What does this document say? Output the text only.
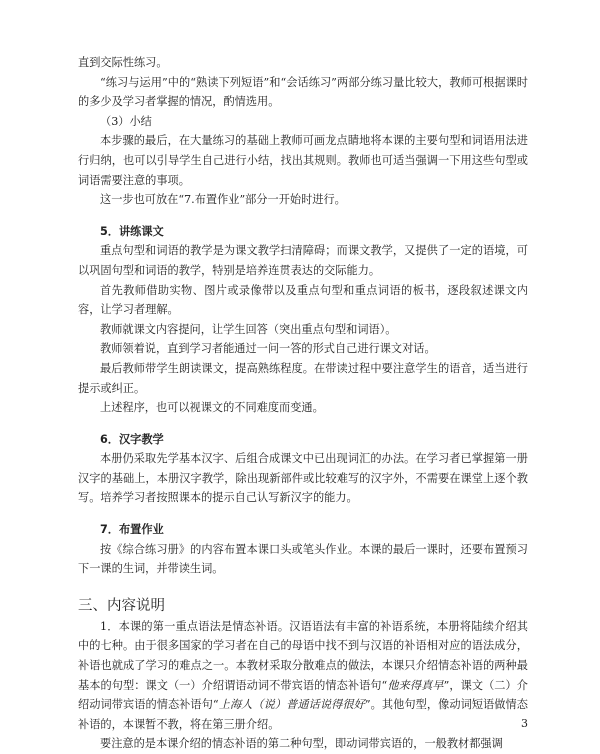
直到交际性练习。

“练习与运用”中的“熟读下列短语”和“会话练习”两部分练习量比较大，教师可根据课时的多少及学习者掌握的情况，酌情选用。

（3）小结

本步骤的最后，在大量练习的基础上教师可画龙点睛地将本课的主要句型和词语用法进行归纳，也可以引导学生自己进行小结，找出其规则。教师也可适当强调一下用这些句型或词语需要注意的事项。

这一步也可放在“7.布置作业”部分一开始时进行。

5．讲练课文

重点句型和词语的教学是为课文教学扫清障碍；而课文教学，又提供了一定的语境，可以巩固句型和词语的教学，特别是培养连贯表达的交际能力。

首先教师借助实物、图片或录像带以及重点句型和重点词语的板书，逐段叙述课文内容，让学习者理解。

教师就课文内容提问，让学生回答（突出重点句型和词语）。

教师领着说，直到学习者能通过一问一答的形式自己进行课文对话。

最后教师带学生朗读课文，提高熟练程度。在带读过程中要注意学生的语音，适当进行提示或纠正。

上述程序，也可以视课文的不同难度而变通。

6．汉字教学

本册仍采取先学基本汉字、后组合成课文中已出现词汇的办法。在学习者已掌握第一册汉字的基础上，本册汉字教学，除出现新部件或比较难写的汉字外，不需要在课堂上逐个教写。培养学习者按照课本的提示自己认写新汉字的能力。

7．布置作业

按《综合练习册》的内容布置本课口头或笔头作业。本课的最后一课时，还要布置预习下一课的生词，并带读生词。

三、内容说明

1．本课的第一重点语法是情态补语。汉语语法有丰富的补语系统，本册将陆续介绍其中的七种。由于很多国家的学习者在自己的母语中找不到与汉语的补语相对应的语法成分，补语也就成了学习的难点之一。本教材采取分散难点的做法，本课只介绍情态补语的两种最基本的句型：课文（一）介绍谓语动词不带宾语的情态补语句“他来得真早”，课文（二）介绍动词带宾语的情态补语句“上海人（说）普通话说得很好”。其他句型，像动词短语做情态补语的，本课暂不教，将在第三册介绍。

要注意的是本课介绍的情态补语的第二种句型，即动词带宾语的，一般教材都强调

3
